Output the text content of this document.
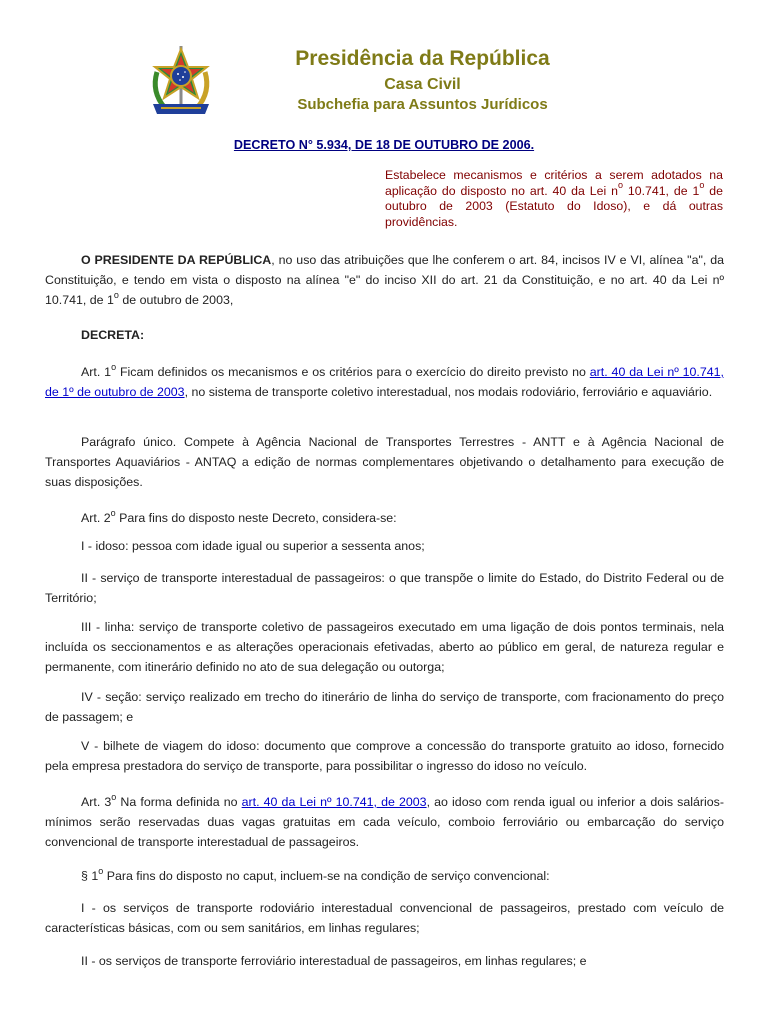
Presidência da República
Casa Civil
Subchefia para Assuntos Jurídicos
DECRETO N° 5.934, DE 18 DE OUTUBRO DE 2006.
Estabelece mecanismos e critérios a serem adotados na aplicação do disposto no art. 40 da Lei $n^o$ 10.741, de 1$^o$ de outubro de 2003 (Estatuto do Idoso), e dá outras providências.

O PRESIDENTE DA REPÚBLICA, no uso das atribuições que lhe conferem o art. 84, incisos IV e VI, alínea "a", da Constituição, e tendo em vista o disposto na alínea "e" do inciso XII do art. 21 da Constituição, e no art. 40 da Lei nº 10.741, de 1$^o$ de outubro de 2003,

DECRETA:

Art. 1$^o$ Ficam definidos os mecanismos e os critérios para o exercício do direito previsto no art. 40 da Lei nº 10.741, de 1º de outubro de 2003, no sistema de transporte coletivo interestadual, nos modais rodoviário, ferroviário e aquaviário.

Parágrafo único. Compete à Agência Nacional de Transportes Terrestres - ANTT e à Agência Nacional de Transportes Aquaviários - ANTAQ a edição de normas complementares objetivando o detalhamento para execução de suas disposições.

Art. 2$^o$ Para fins do disposto neste Decreto, considera-se:

I - idoso: pessoa com idade igual ou superior a sessenta anos;

II - serviço de transporte interestadual de passageiros: o que transpõe o limite do Estado, do Distrito Federal ou de Território;

III - linha: serviço de transporte coletivo de passageiros executado em uma ligação de dois pontos terminais, nela incluída os seccionamentos e as alterações operacionais efetivadas, aberto ao público em geral, de natureza regular e permanente, com itinerário definido no ato de sua delegação ou outorga;

IV - seção: serviço realizado em trecho do itinerário de linha do serviço de transporte, com fracionamento do preço de passagem; e

V - bilhete de viagem do idoso: documento que comprove a concessão do transporte gratuito ao idoso, fornecido pela empresa prestadora do serviço de transporte, para possibilitar o ingresso do idoso no veículo.

Art. 3$^o$ Na forma definida no art. 40 da Lei nº 10.741, de 2003, ao idoso com renda igual ou inferior a dois salários-mínimos serão reservadas duas vagas gratuitas em cada veículo, comboio ferroviário ou embarcação do serviço convencional de transporte interestadual de passageiros.

§ 1$^o$ Para fins do disposto no caput, incluem-se na condição de serviço convencional:

I - os serviços de transporte rodoviário interestadual convencional de passageiros, prestado com veículo de características básicas, com ou sem sanitários, em linhas regulares;

II - os serviços de transporte ferroviário interestadual de passageiros, em linhas regulares; e
